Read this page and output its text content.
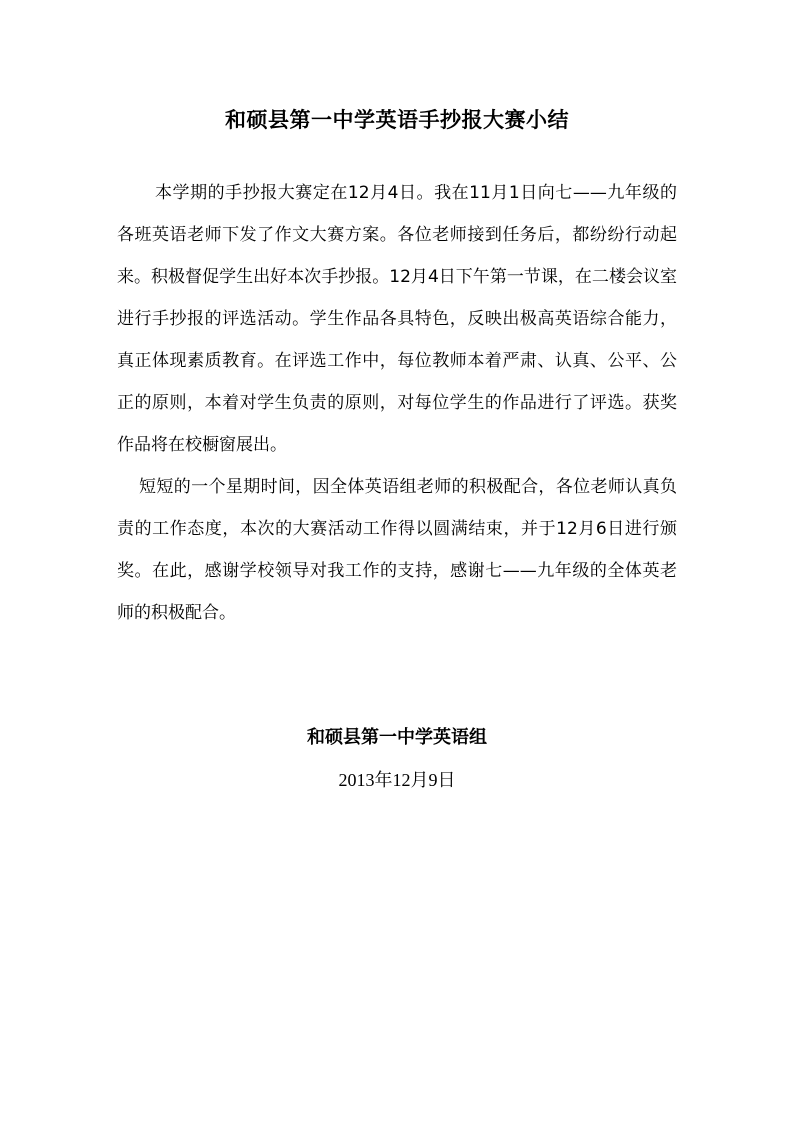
和硕县第一中学英语手抄报大赛小结

本学期的手抄报大赛定在12月4日。我在11月1日向七——九年级的各班英语老师下发了作文大赛方案。各位老师接到任务后，都纷纷行动起来。积极督促学生出好本次手抄报。12月4日下午第一节课，在二楼会议室进行手抄报的评选活动。学生作品各具特色，反映出极高英语综合能力，真正体现素质教育。在评选工作中，每位教师本着严肃、认真、公平、公正的原则，本着对学生负责的原则，对每位学生的作品进行了评选。获奖作品将在校橱窗展出。

短短的一个星期时间，因全体英语组老师的积极配合，各位老师认真负责的工作态度，本次的大赛活动工作得以圆满结束，并于12月6日进行颁奖。在此，感谢学校领导对我工作的支持，感谢七——九年级的全体英老师的积极配合。

和硕县第一中学英语组
2013年12月9日
